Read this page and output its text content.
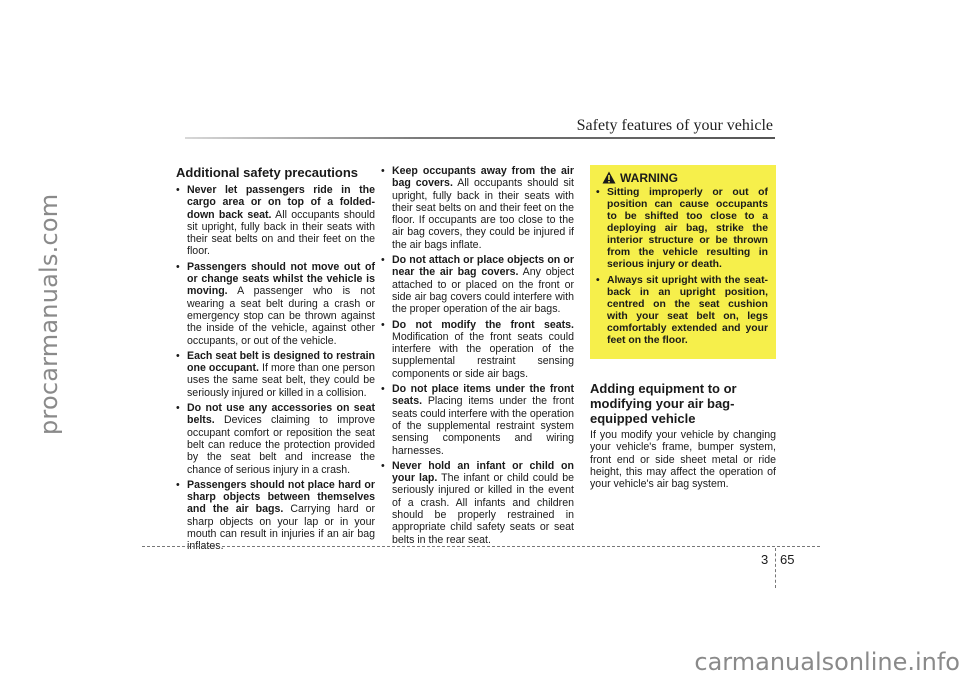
procarmanuals.com
Safety features of your vehicle
Additional safety precautions
• Never let passengers ride in the cargo area or on top of a folded-down back seat. All occupants should sit upright, fully back in their seats with their seat belts on and their feet on the floor.
• Passengers should not move out of or change seats whilst the vehicle is moving. A passenger who is not wearing a seat belt during a crash or emergency stop can be thrown against the inside of the vehicle, against other occupants, or out of the vehicle.
• Each seat belt is designed to restrain one occupant. If more than one person uses the same seat belt, they could be seriously injured or killed in a collision.
• Do not use any accessories on seat belts. Devices claiming to improve occupant comfort or reposition the seat belt can reduce the protection provided by the seat belt and increase the chance of serious injury in a crash.
• Passengers should not place hard or sharp objects between themselves and the air bags. Carrying hard or sharp objects on your lap or in your mouth can result in injuries if an air bag inflates.
• Keep occupants away from the air bag covers. All occupants should sit upright, fully back in their seats with their seat belts on and their feet on the floor. If occupants are too close to the air bag covers, they could be injured if the air bags inflate.
• Do not attach or place objects on or near the air bag covers. Any object attached to or placed on the front or side air bag covers could interfere with the proper operation of the air bags.
• Do not modify the front seats. Modification of the front seats could interfere with the operation of the supplemental restraint sensing components or side air bags.
• Do not place items under the front seats. Placing items under the front seats could interfere with the operation of the supplemental restraint system sensing components and wiring harnesses.
• Never hold an infant or child on your lap. The infant or child could be seriously injured or killed in the event of a crash. All infants and children should be properly restrained in appropriate child safety seats or seat belts in the rear seat.
WARNING
• Sitting improperly or out of position can cause occupants to be shifted too close to a deploying air bag, strike the interior structure or be thrown from the vehicle resulting in serious injury or death.
• Always sit upright with the seat-back in an upright position, centred on the seat cushion with your seat belt on, legs comfortably extended and your feet on the floor.
Adding equipment to or modifying your air bag-equipped vehicle

If you modify your vehicle by changing your vehicle's frame, bumper system, front end or side sheet metal or ride height, this may affect the operation of your vehicle's air bag system.

3 65
carmanualsonline.info
